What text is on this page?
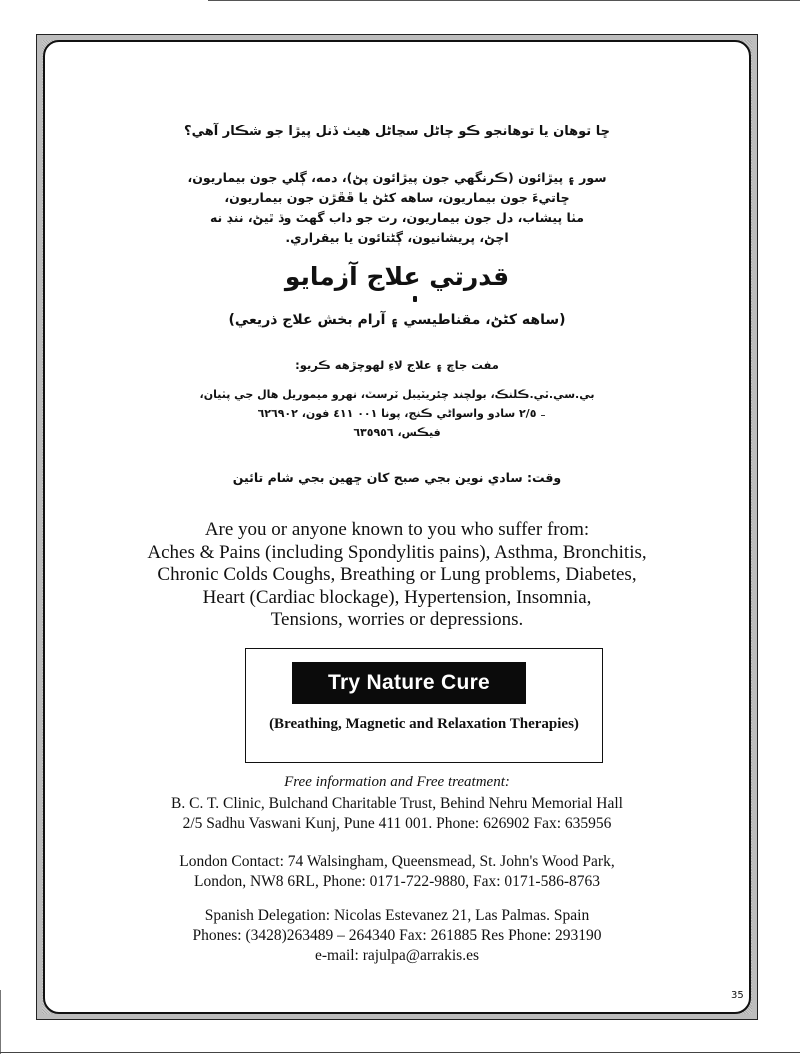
ڇا توهان يا توهانجو ڪو ڄاڻل سڃاڻل هيٺ ڏنل پيڙا جو شڪار آهي؟
سور ۽ پيڙائون (ڪرنگهي جون پيڙائون پڻ)، دمه، ڳلي جون بيماريون،
ڇاتيءَ جون بيماريون، ساهه کڻڻ يا ڦڦڙن جون بيماريون،
مٺا پيشاب، دل جون بيماريون، رت جو داب گهٽ وڌ ٿيڻ، ننڊ نه
اچڻ، پريشانيون، ڳڻتائون يا بيقراري.
قدرتي علاج آزمايو
(ساهه کڻڻ، مقناطيسي ۽ آرام بخش علاج ذريعي)
مفت جاچ ۽ علاج لاءِ لهوچڙهه ڪريو:
بي.سي.ٽي.ڪلنڪ، بولچند چئريٽيبل ٽرسٽ، نهرو ميموريل هال جي پٺيان،
٢/٥ سادو واسواڻي ڪنج، پونا ٠٠١ ٤١١ فون، ٦٢٦٩٠٢
فيڪس، ٦٣٥٩٥٦
وقت: سادي نوين بجي صبح کان ڇهين بجي شام تائين
Are you or anyone known to you who suffer from:
Aches & Pains (including Spondylitis pains), Asthma, Bronchitis,
Chronic Colds Coughs, Breathing or Lung problems, Diabetes,
Heart (Cardiac blockage), Hypertension, Insomnia,
Tensions, worries or depressions.
Try Nature Cure
(Breathing, Magnetic and Relaxation Therapies)
Free information and Free treatment:
B. C. T. Clinic, Bulchand Charitable Trust, Behind Nehru Memorial Hall
2/5 Sadhu Vaswani Kunj, Pune 411 001. Phone: 626902 Fax: 635956
London Contact: 74 Walsingham, Queensmead, St. John's Wood Park,
London, NW8 6RL, Phone: 0171-722-9880, Fax: 0171-586-8763
Spanish Delegation: Nicolas Estevanez 21, Las Palmas. Spain
Phones: (3428)263489 – 264340 Fax: 261885 Res Phone: 293190
e-mail: rajulpa@arrakis.es
35
